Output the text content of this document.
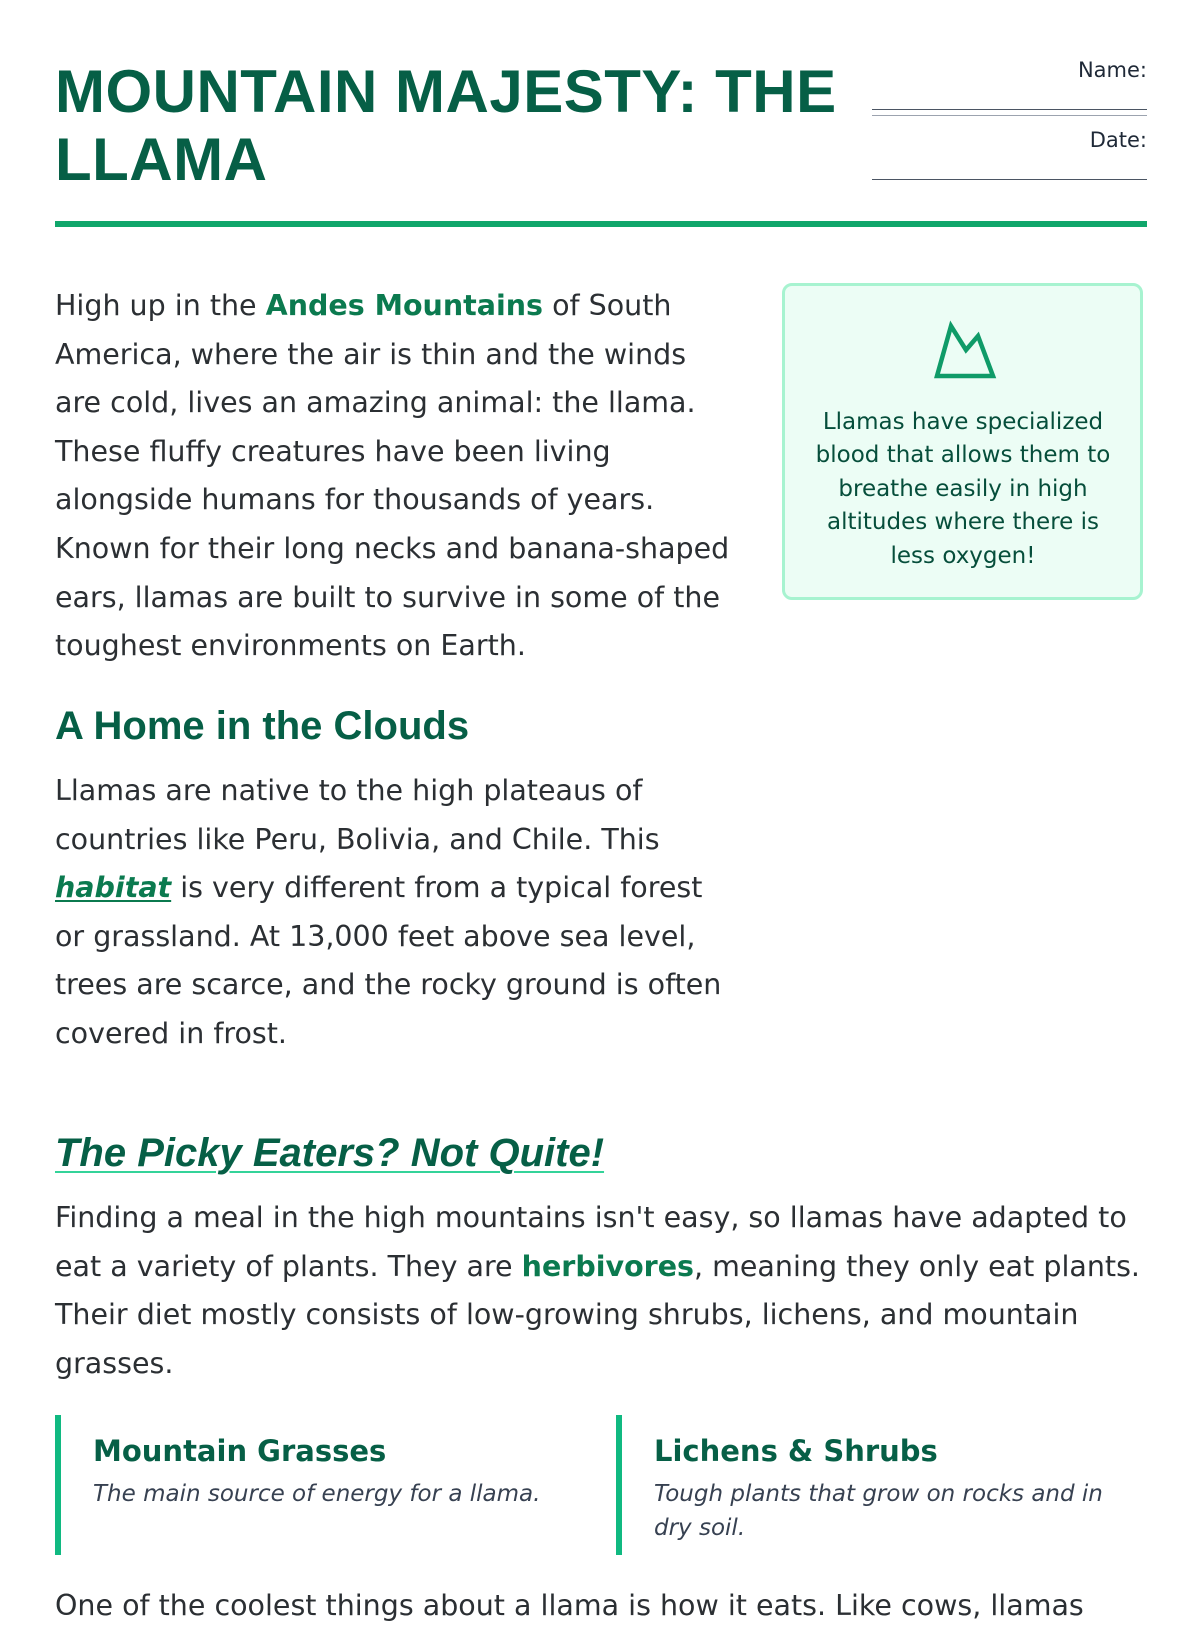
MOUNTAIN MAJESTY: THE LLAMA
Name:
Date:

High up in the Andes Mountains of South America, where the air is thin and the winds are cold, lives an amazing animal: the llama. These fluffy creatures have been living alongside humans for thousands of years. Known for their long necks and banana-shaped ears, llamas are built to survive in some of the toughest environments on Earth.

Llamas have specialized blood that allows them to breathe easily in high altitudes where there is less oxygen!

A Home in the Clouds

Llamas are native to the high plateaus of countries like Peru, Bolivia, and Chile. This habitat is very different from a typical forest or grassland. At 13,000 feet above sea level, trees are scarce, and the rocky ground is often covered in frost.

The Picky Eaters? Not Quite!

Finding a meal in the high mountains isn't easy, so llamas have adapted to eat a variety of plants. They are herbivores, meaning they only eat plants. Their diet mostly consists of low-growing shrubs, lichens, and mountain grasses.

Mountain Grasses

The main source of energy for a llama.

Lichens & Shrubs

Tough plants that grow on rocks and in dry soil.

One of the coolest things about a llama is how it eats. Like cows, llamas
